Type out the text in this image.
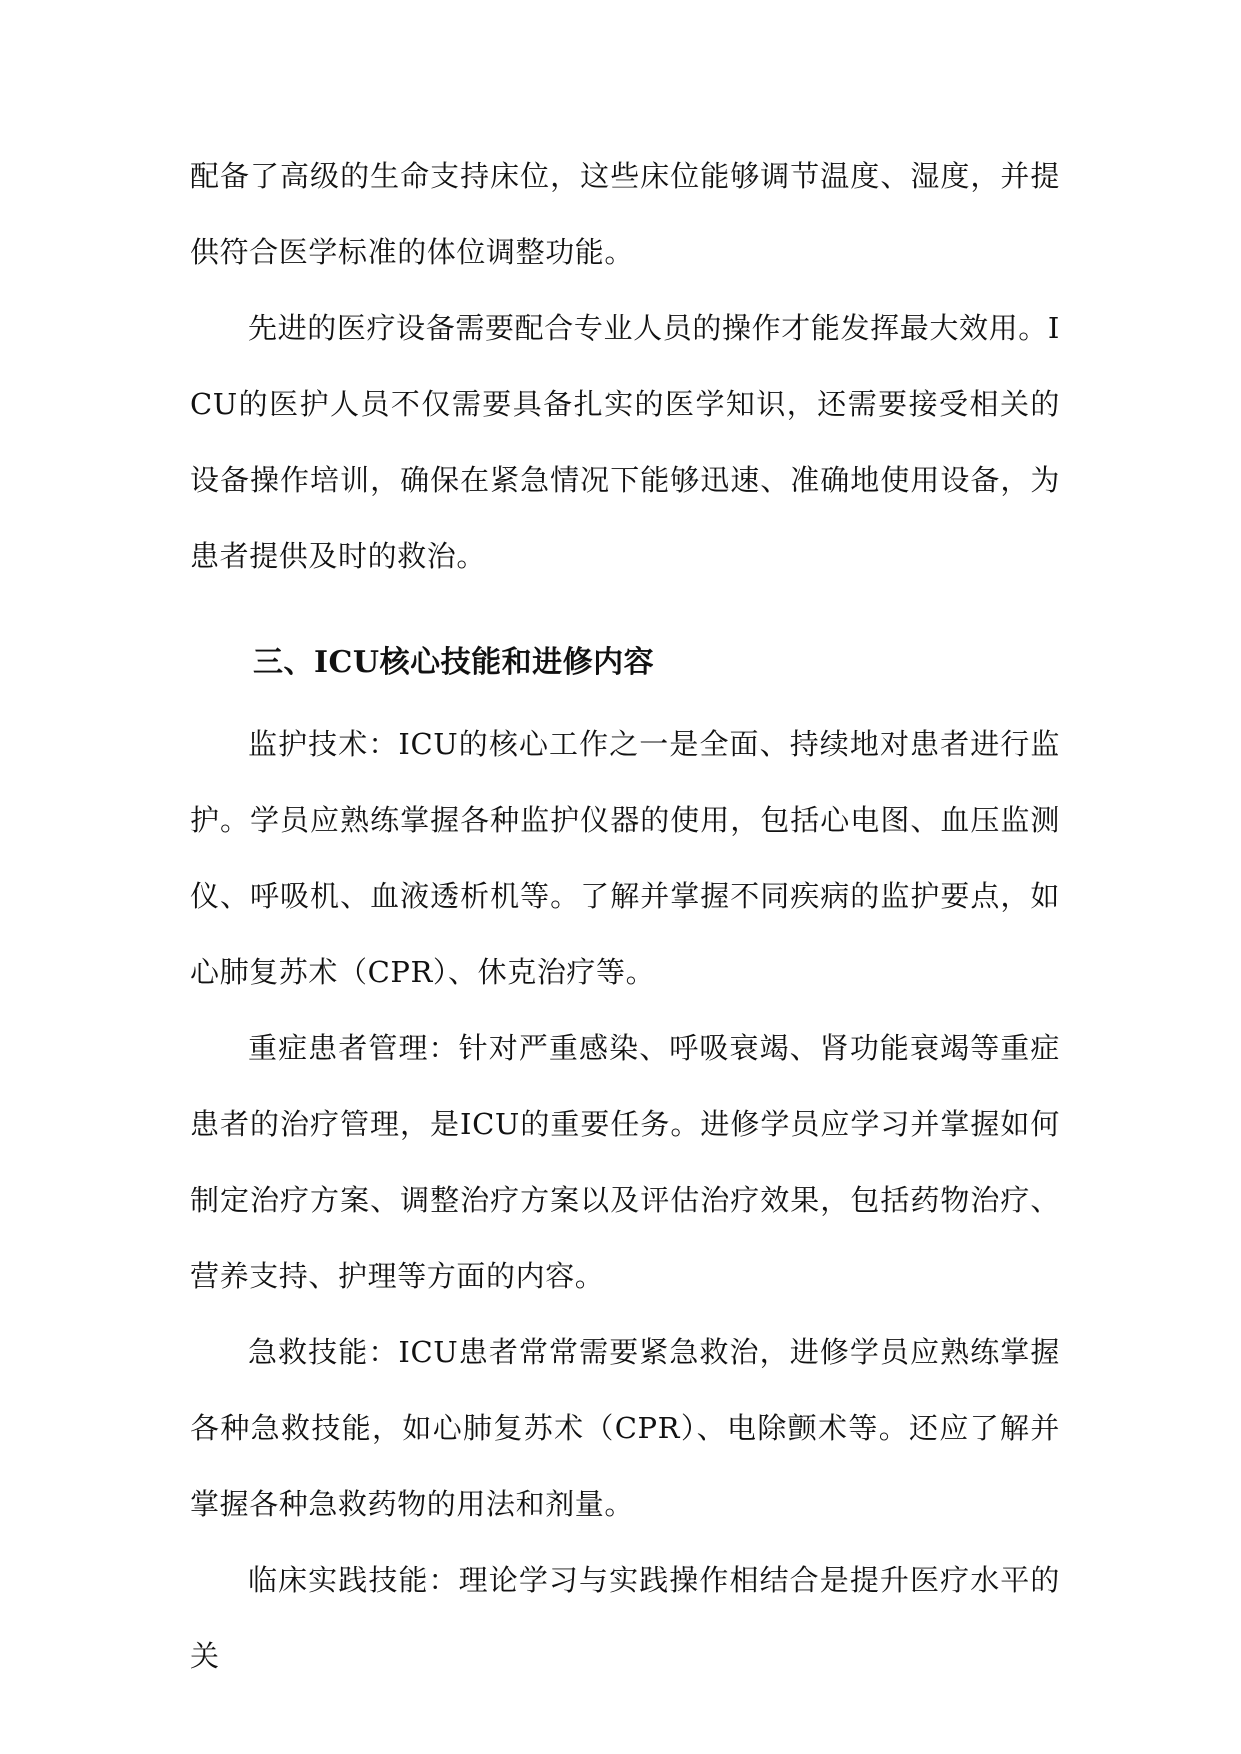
配备了高级的生命支持床位，这些床位能够调节温度、湿度，并提供符合医学标准的体位调整功能。

先进的医疗设备需要配合专业人员的操作才能发挥最大效用。ICU的医护人员不仅需要具备扎实的医学知识，还需要接受相关的设备操作培训，确保在紧急情况下能够迅速、准确地使用设备，为患者提供及时的救治。

三、ICU核心技能和进修内容

监护技术：ICU的核心工作之一是全面、持续地对患者进行监护。学员应熟练掌握各种监护仪器的使用，包括心电图、血压监测仪、呼吸机、血液透析机等。了解并掌握不同疾病的监护要点，如心肺复苏术（CPR）、休克治疗等。

重症患者管理：针对严重感染、呼吸衰竭、肾功能衰竭等重症患者的治疗管理，是ICU的重要任务。进修学员应学习并掌握如何制定治疗方案、调整治疗方案以及评估治疗效果，包括药物治疗、营养支持、护理等方面的内容。

急救技能：ICU患者常常需要紧急救治，进修学员应熟练掌握各种急救技能，如心肺复苏术（CPR）、电除颤术等。还应了解并掌握各种急救药物的用法和剂量。

临床实践技能：理论学习与实践操作相结合是提升医疗水平的关
